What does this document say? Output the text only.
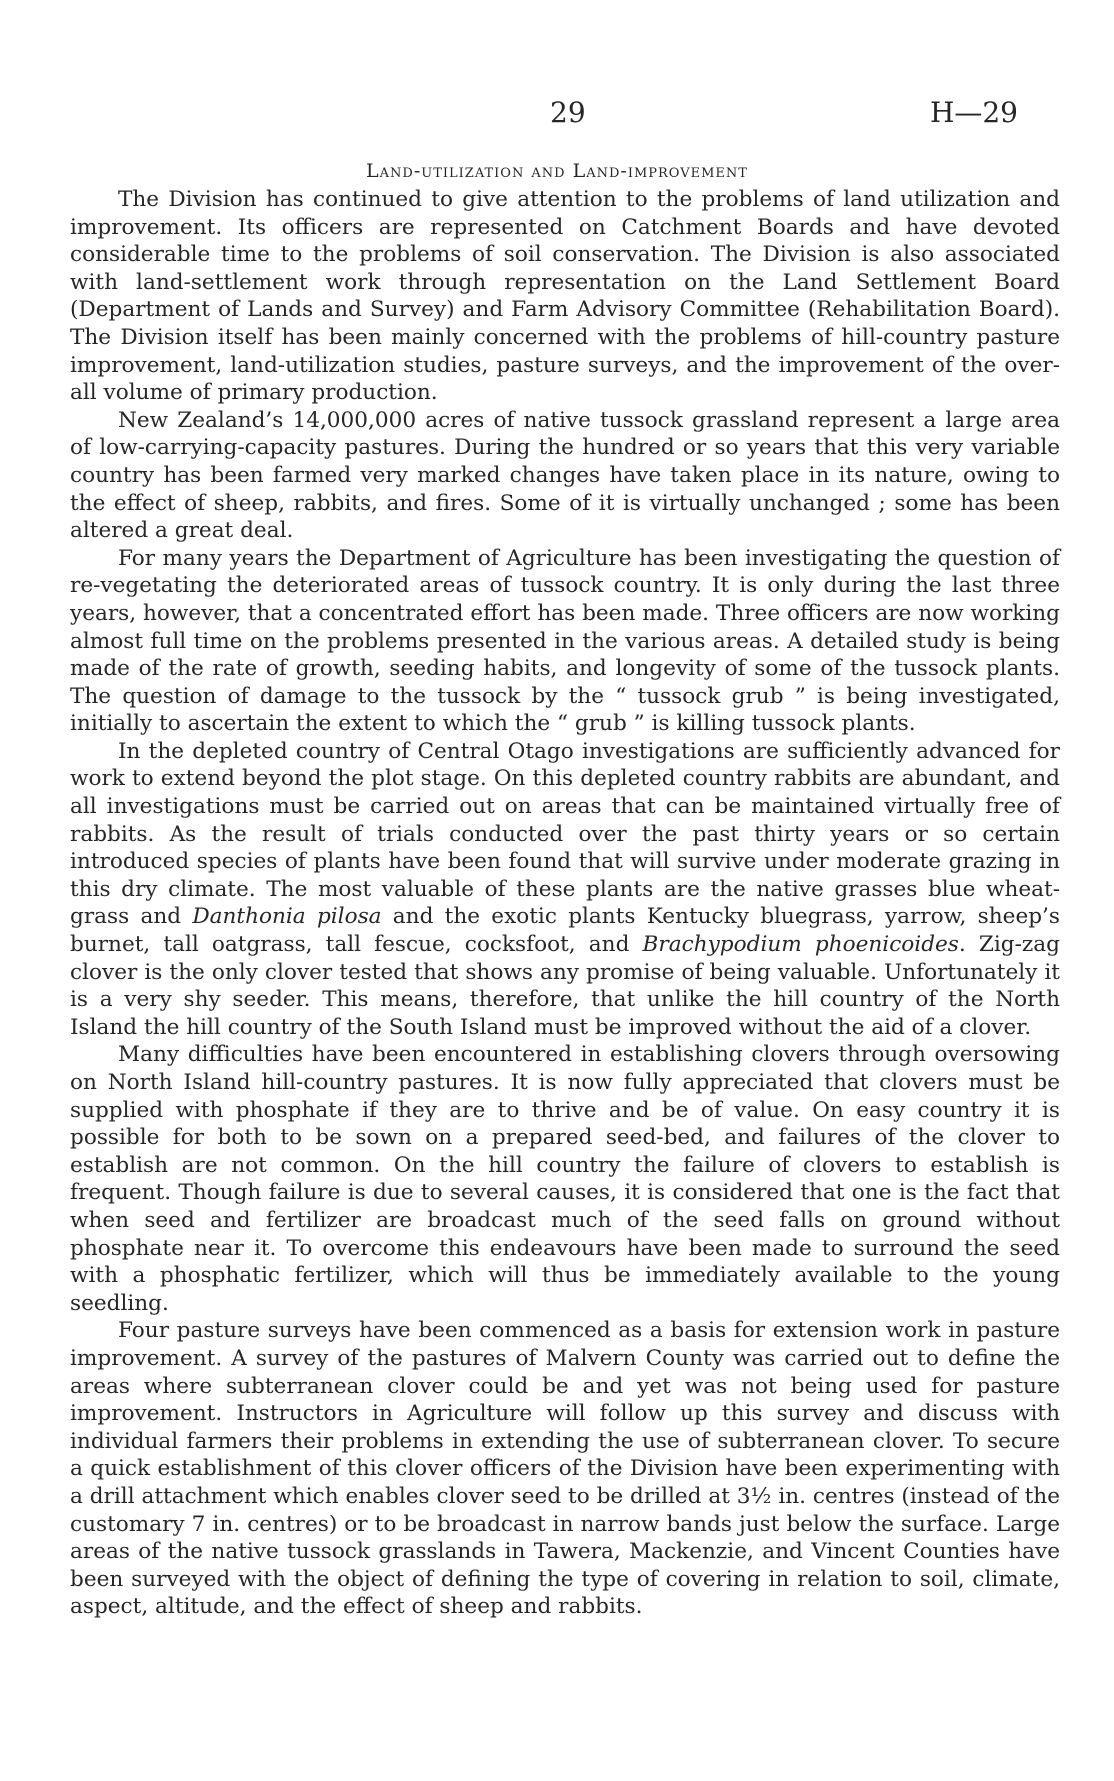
29	H—29
Land-utilization and Land-improvement

The Division has continued to give attention to the problems of land utilization and improvement. Its officers are represented on Catchment Boards and have devoted considerable time to the problems of soil conservation. The Division is also associated with land-settlement work through representation on the Land Settlement Board (Department of Lands and Survey) and Farm Advisory Committee (Rehabilitation Board). The Division itself has been mainly concerned with the problems of hill-country pasture improvement, land-utilization studies, pasture surveys, and the improvement of the over-all volume of primary production.

New Zealand’s 14,000,000 acres of native tussock grassland represent a large area of low-carrying-capacity pastures. During the hundred or so years that this very variable country has been farmed very marked changes have taken place in its nature, owing to the effect of sheep, rabbits, and fires. Some of it is virtually unchanged ; some has been altered a great deal.

For many years the Department of Agriculture has been investigating the question of re-vegetating the deteriorated areas of tussock country. It is only during the last three years, however, that a concentrated effort has been made. Three officers are now working almost full time on the problems presented in the various areas. A detailed study is being made of the rate of growth, seeding habits, and longevity of some of the tussock plants. The question of damage to the tussock by the “ tussock grub ” is being investigated, initially to ascertain the extent to which the “ grub ” is killing tussock plants.

In the depleted country of Central Otago investigations are sufficiently advanced for work to extend beyond the plot stage. On this depleted country rabbits are abundant, and all investigations must be carried out on areas that can be maintained virtually free of rabbits. As the result of trials conducted over the past thirty years or so certain introduced species of plants have been found that will survive under moderate grazing in this dry climate. The most valuable of these plants are the native grasses blue wheat-grass and Danthonia pilosa and the exotic plants Kentucky bluegrass, yarrow, sheep’s burnet, tall oatgrass, tall fescue, cocksfoot, and Brachypodium phoenicoides. Zig-zag clover is the only clover tested that shows any promise of being valuable. Unfortunately it is a very shy seeder. This means, therefore, that unlike the hill country of the North Island the hill country of the South Island must be improved without the aid of a clover.

Many difficulties have been encountered in establishing clovers through oversowing on North Island hill-country pastures. It is now fully appreciated that clovers must be supplied with phosphate if they are to thrive and be of value. On easy country it is possible for both to be sown on a prepared seed-bed, and failures of the clover to establish are not common. On the hill country the failure of clovers to establish is frequent. Though failure is due to several causes, it is considered that one is the fact that when seed and fertilizer are broadcast much of the seed falls on ground without phosphate near it. To overcome this endeavours have been made to surround the seed with a phosphatic fertilizer, which will thus be immediately available to the young seedling.

Four pasture surveys have been commenced as a basis for extension work in pasture improvement. A survey of the pastures of Malvern County was carried out to define the areas where subterranean clover could be and yet was not being used for pasture improvement. Instructors in Agriculture will follow up this survey and discuss with individual farmers their problems in extending the use of subterranean clover. To secure a quick establishment of this clover officers of the Division have been experimenting with a drill attachment which enables clover seed to be drilled at 3½ in. centres (instead of the customary 7 in. centres) or to be broadcast in narrow bands just below the surface. Large areas of the native tussock grasslands in Tawera, Mackenzie, and Vincent Counties have been surveyed with the object of defining the type of covering in relation to soil, climate, aspect, altitude, and the effect of sheep and rabbits.
